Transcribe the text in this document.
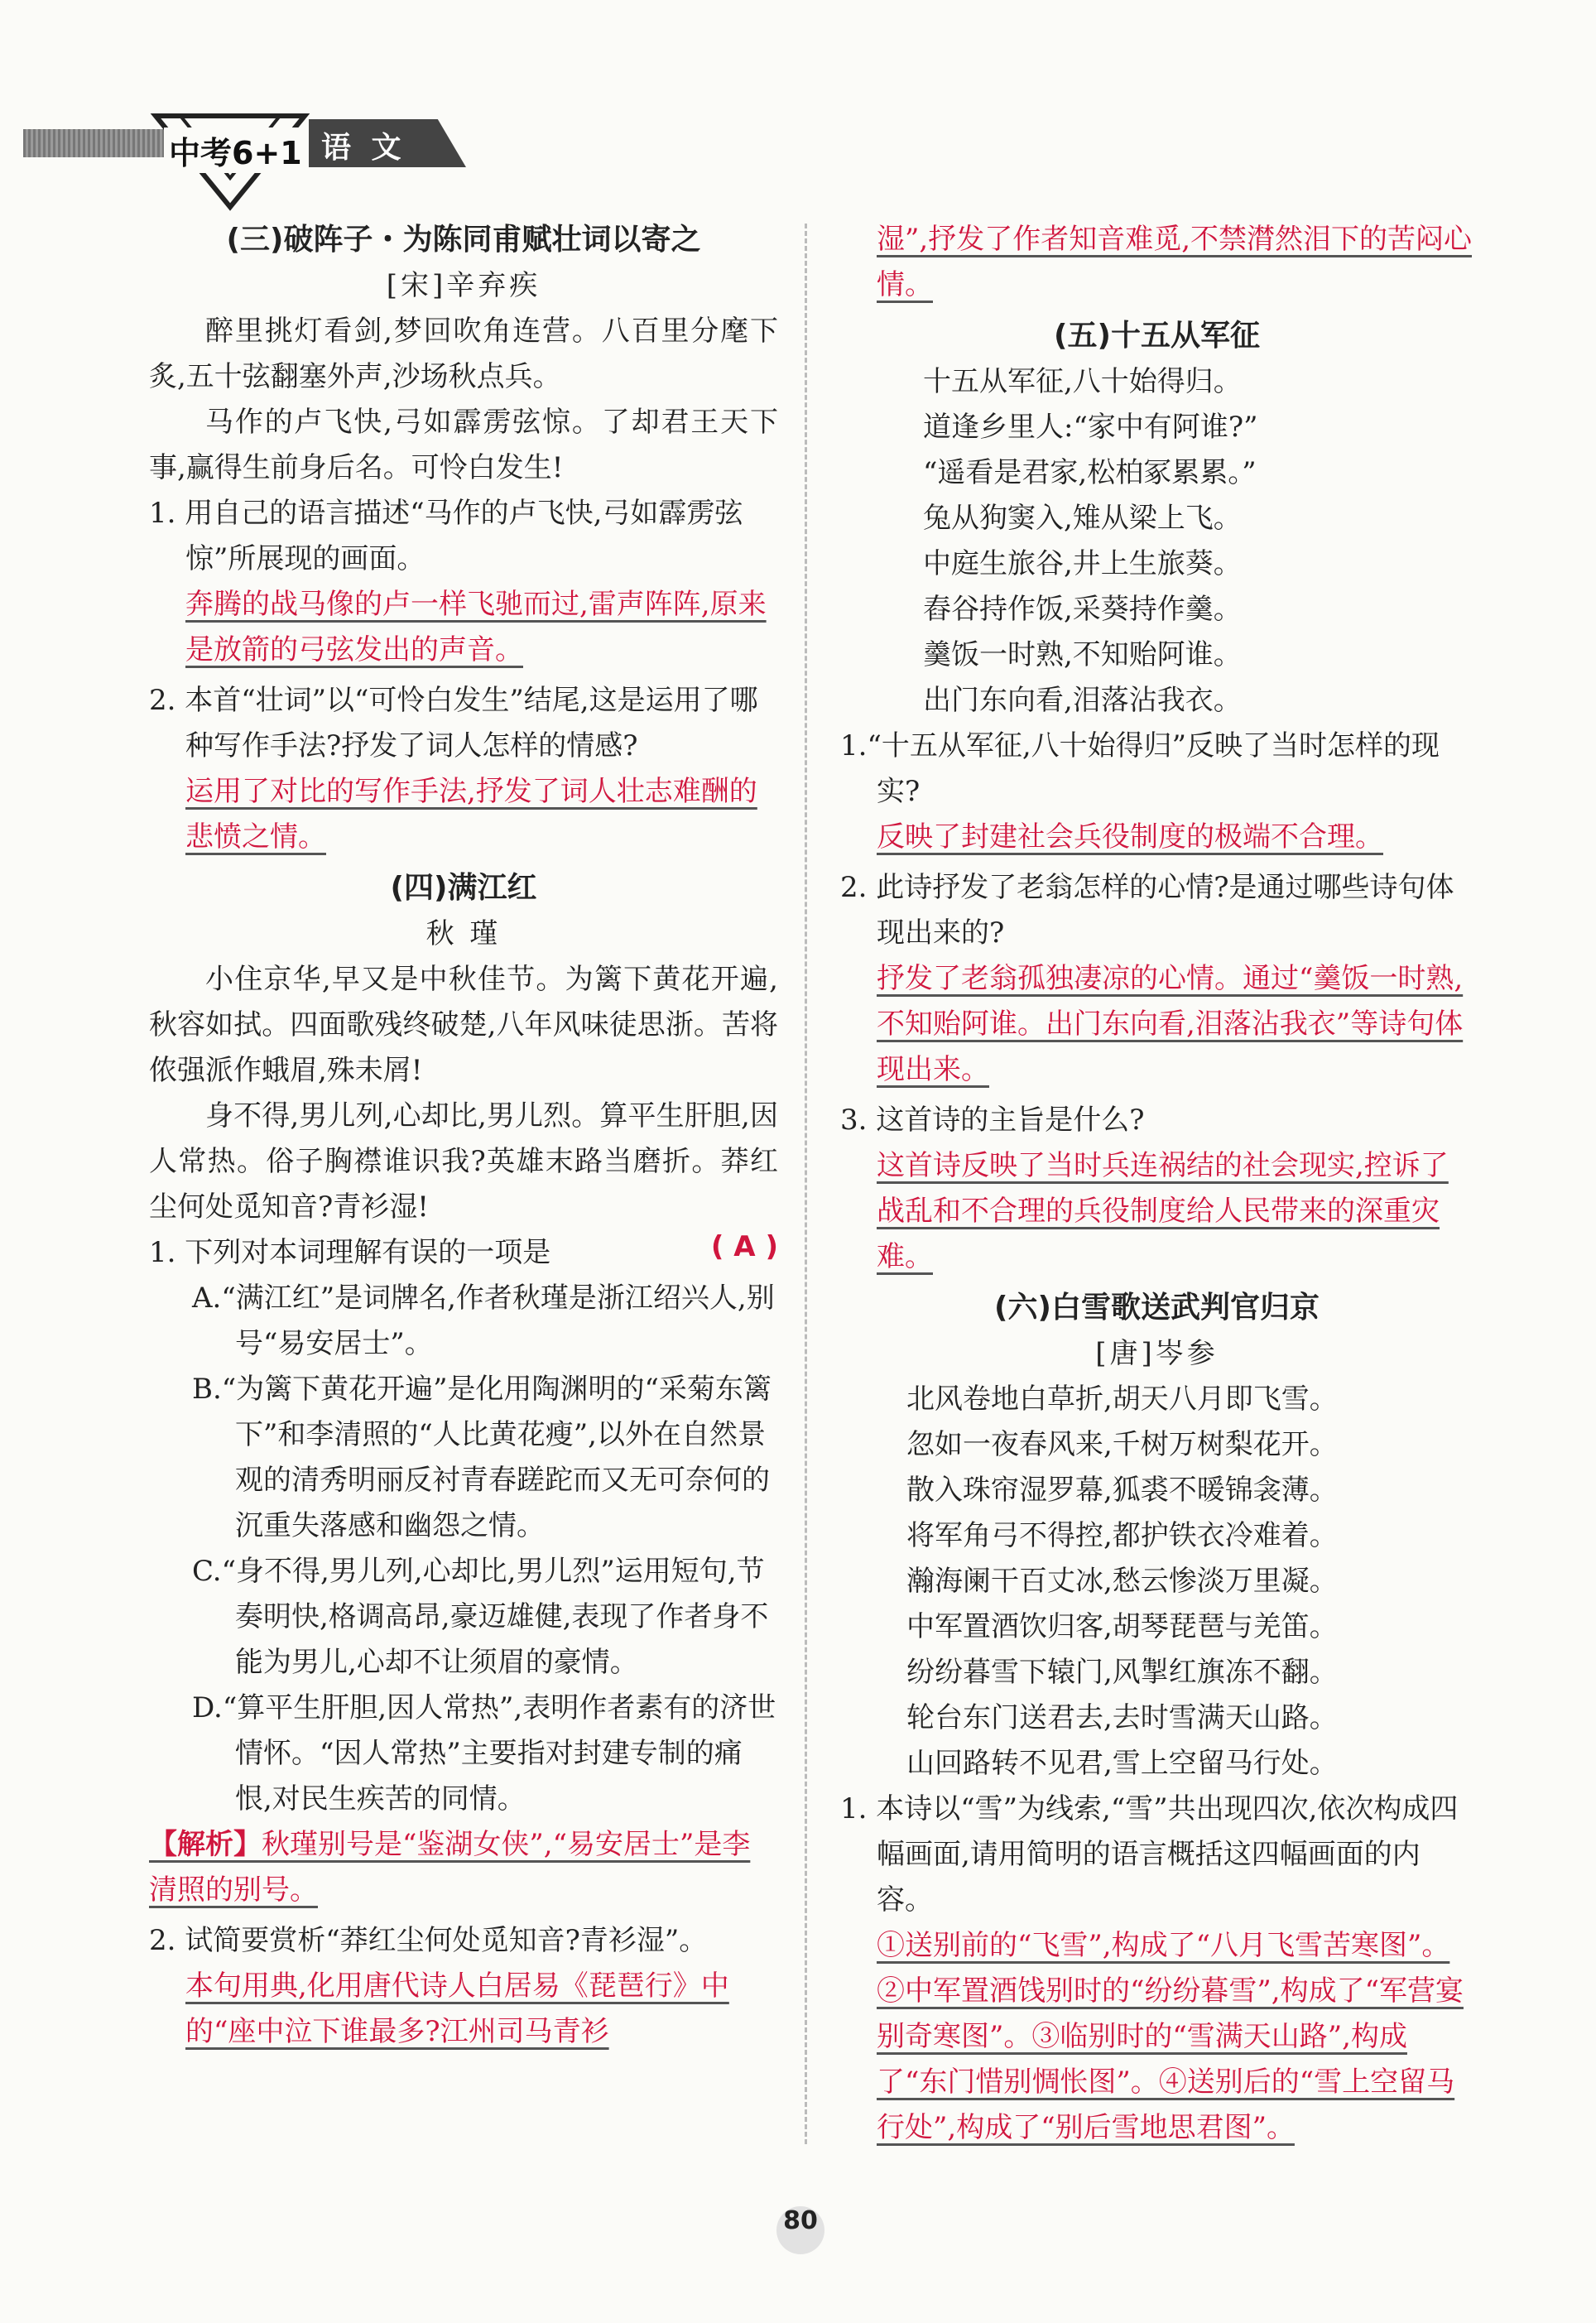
中考6+1 语 文

(三)破阵子・为陈同甫赋壮词以寄之

[宋]辛弃疾

醉里挑灯看剑,梦回吹角连营。八百里分麾下炙,五十弦翻塞外声,沙场秋点兵。

马作的卢飞快,弓如霹雳弦惊。了却君王天下事,赢得生前身后名。可怜白发生!

1. 用自己的语言描述“马作的卢飞快,弓如霹雳弦惊”所展现的画面。

奔腾的战马像的卢一样飞驰而过,雷声阵阵,原来是放箭的弓弦发出的声音。

2. 本首“壮词”以“可怜白发生”结尾,这是运用了哪种写作手法?抒发了词人怎样的情感?

运用了对比的写作手法,抒发了词人壮志难酬的悲愤之情。

(四)满江红

秋 瑾

小住京华,早又是中秋佳节。为篱下黄花开遍,秋容如拭。四面歌残终破楚,八年风味徒思浙。苦将侬强派作蛾眉,殊未屑!

身不得,男儿列,心却比,男儿烈。算平生肝胆,因人常热。俗子胸襟谁识我?英雄末路当磨折。莽红尘何处觅知音?青衫湿!

1. 下列对本词理解有误的一项是	( A )

A.“满江红”是词牌名,作者秋瑾是浙江绍兴人,别号“易安居士”。

B.“为篱下黄花开遍”是化用陶渊明的“采菊东篱下”和李清照的“人比黄花瘦”,以外在自然景观的清秀明丽反衬青春蹉跎而又无可奈何的沉重失落感和幽怨之情。

C.“身不得,男儿列,心却比,男儿烈”运用短句,节奏明快,格调高昂,豪迈雄健,表现了作者身不能为男儿,心却不让须眉的豪情。

D.“算平生肝胆,因人常热”,表明作者素有的济世情怀。“因人常热”主要指对封建专制的痛恨,对民生疾苦的同情。

【解析】秋瑾别号是“鉴湖女侠”,“易安居士”是李清照的别号。

2. 试简要赏析“莽红尘何处觅知音?青衫湿”。

本句用典,化用唐代诗人白居易《琵琶行》中的“座中泣下谁最多?江州司马青衫

湿”,抒发了作者知音难觅,不禁潸然泪下的苦闷心情。

(五)十五从军征

十五从军征,八十始得归。

道逢乡里人:“家中有阿谁?”

“遥看是君家,松柏冢累累。”

兔从狗窦入,雉从梁上飞。

中庭生旅谷,井上生旅葵。

舂谷持作饭,采葵持作羹。

羹饭一时熟,不知贻阿谁。

出门东向看,泪落沾我衣。

1.“十五从军征,八十始得归”反映了当时怎样的现实?

反映了封建社会兵役制度的极端不合理。

2. 此诗抒发了老翁怎样的心情?是通过哪些诗句体现出来的?

抒发了老翁孤独凄凉的心情。通过“羹饭一时熟,不知贻阿谁。出门东向看,泪落沾我衣”等诗句体现出来。

3. 这首诗的主旨是什么?

这首诗反映了当时兵连祸结的社会现实,控诉了战乱和不合理的兵役制度给人民带来的深重灾难。

(六)白雪歌送武判官归京

[唐]岑参

北风卷地白草折,胡天八月即飞雪。

忽如一夜春风来,千树万树梨花开。

散入珠帘湿罗幕,狐裘不暖锦衾薄。

将军角弓不得控,都护铁衣冷难着。

瀚海阑干百丈冰,愁云惨淡万里凝。

中军置酒饮归客,胡琴琵琶与羌笛。

纷纷暮雪下辕门,风掣红旗冻不翻。

轮台东门送君去,去时雪满天山路。

山回路转不见君,雪上空留马行处。

1. 本诗以“雪”为线索,“雪”共出现四次,依次构成四幅画面,请用简明的语言概括这四幅画面的内容。

①送别前的“飞雪”,构成了“八月飞雪苦寒图”。②中军置酒饯别时的“纷纷暮雪”,构成了“军营宴别奇寒图”。③临别时的“雪满天山路”,构成了“东门惜别惆怅图”。④送别后的“雪上空留马行处”,构成了“别后雪地思君图”。

80
